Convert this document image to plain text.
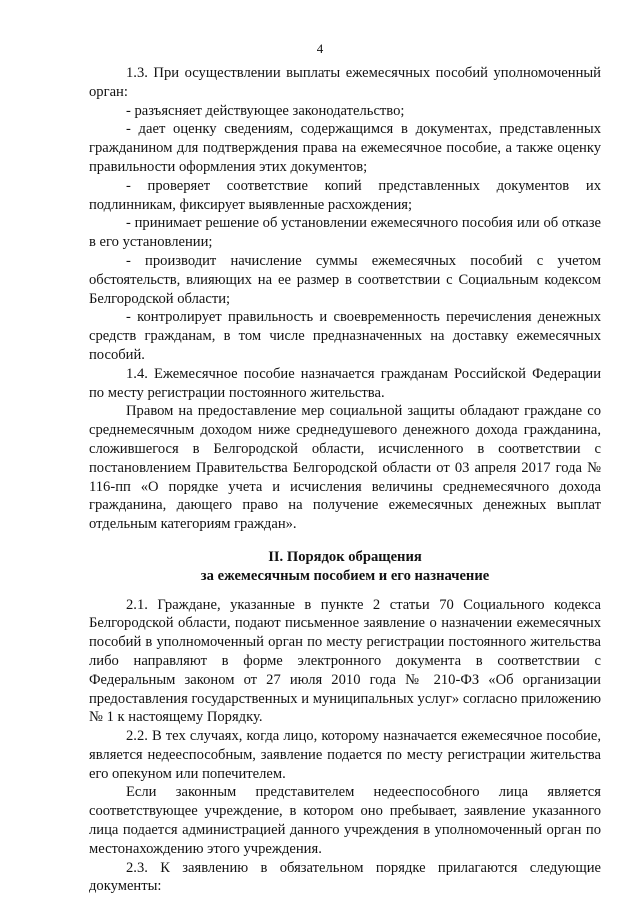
4

1.3. При осуществлении выплаты ежемесячных пособий уполномоченный орган:

- разъясняет действующее законодательство;

- дает оценку сведениям, содержащимся в документах, представленных гражданином для подтверждения права на ежемесячное пособие, а также оценку правильности оформления этих документов;

- проверяет соответствие копий представленных документов их подлинникам, фиксирует выявленные расхождения;

- принимает решение об установлении ежемесячного пособия или об отказе в его установлении;

- производит начисление суммы ежемесячных пособий с учетом обстоятельств, влияющих на ее размер в соответствии с Социальным кодексом Белгородской области;

- контролирует правильность и своевременность перечисления денежных средств гражданам, в том числе предназначенных на доставку ежемесячных пособий.

1.4. Ежемесячное пособие назначается гражданам Российской Федерации по месту регистрации постоянного жительства.

Правом на предоставление мер социальной защиты обладают граждане со среднемесячным доходом ниже среднедушевого денежного дохода гражданина, сложившегося в Белгородской области, исчисленного в соответствии с постановлением Правительства Белгородской области от 03 апреля 2017 года № 116-пп «О порядке учета и исчисления величины среднемесячного дохода гражданина, дающего право на получение ежемесячных денежных выплат отдельным категориям граждан».

II. Порядок обращения

за ежемесячным пособием и его назначение

2.1. Граждане, указанные в пункте 2 статьи 70 Социального кодекса Белгородской области, подают письменное заявление о назначении ежемесячных пособий в уполномоченный орган по месту регистрации постоянного жительства либо направляют в форме электронного документа в соответствии с Федеральным законом от 27 июля 2010 года № 210-ФЗ «Об организации предоставления государственных и муниципальных услуг» согласно приложению № 1 к настоящему Порядку.

2.2. В тех случаях, когда лицо, которому назначается ежемесячное пособие, является недееспособным, заявление подается по месту регистрации жительства его опекуном или попечителем.

Если законным представителем недееспособного лица является соответствующее учреждение, в котором оно пребывает, заявление указанного лица подается администрацией данного учреждения в уполномоченный орган по местонахождению этого учреждения.

2.3. К заявлению в обязательном порядке прилагаются следующие документы:
